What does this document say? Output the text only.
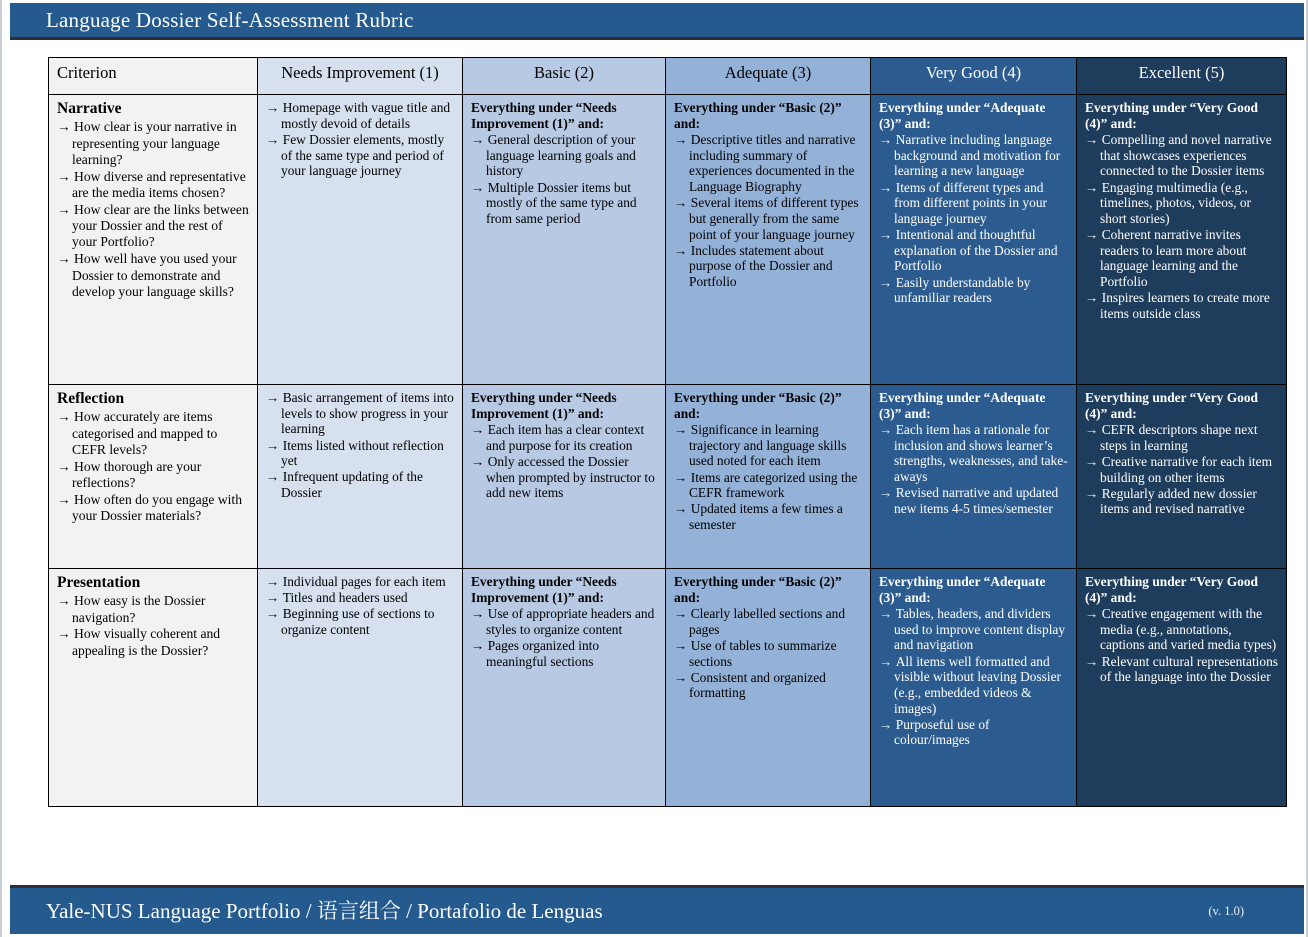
Language Dossier Self-Assessment Rubric
Criterion	Needs Improvement (1)	Basic (2)	Adequate (3)	Very Good (4)	Excellent (5)

Narrative
→ How clear is your narrative in representing your language learning?
→ How diverse and representative are the media items chosen?
→ How clear are the links between your Dossier and the rest of your Portfolio?
→ How well have you used your Dossier to demonstrate and develop your language skills?

→ Homepage with vague title and mostly devoid of details
→ Few Dossier elements, mostly of the same type and period of your language journey

Everything under “Needs Improvement (1)” and:
→ General description of your language learning goals and history
→ Multiple Dossier items but mostly of the same type and from same period

Everything under “Basic (2)” and:
→ Descriptive titles and narrative including summary of experiences documented in the Language Biography
→ Several items of different types but generally from the same point of your language journey
→ Includes statement about purpose of the Dossier and Portfolio

Everything under “Adequate (3)” and:
→ Narrative including language background and motivation for learning a new language
→ Items of different types and from different points in your language journey
→ Intentional and thoughtful explanation of the Dossier and Portfolio
→ Easily understandable by unfamiliar readers

Everything under “Very Good (4)” and:
→ Compelling and novel narrative that showcases experiences connected to the Dossier items
→ Engaging multimedia (e.g., timelines, photos, videos, or short stories)
→ Coherent narrative invites readers to learn more about language learning and the Portfolio
→ Inspires learners to create more items outside class

Reflection
→ How accurately are items categorised and mapped to CEFR levels?
→ How thorough are your reflections?
→ How often do you engage with your Dossier materials?

→ Basic arrangement of items into levels to show progress in your learning
→ Items listed without reflection yet
→ Infrequent updating of the Dossier

Everything under “Needs Improvement (1)” and:
→ Each item has a clear context and purpose for its creation
→ Only accessed the Dossier when prompted by instructor to add new items

Everything under “Basic (2)” and:
→ Significance in learning trajectory and language skills used noted for each item
→ Items are categorized using the CEFR framework
→ Updated items a few times a semester

Everything under “Adequate (3)” and:
→ Each item has a rationale for inclusion and shows learner’s strengths, weaknesses, and take-aways
→ Revised narrative and updated new items 4-5 times/semester

Everything under “Very Good (4)” and:
→ CEFR descriptors shape next steps in learning
→ Creative narrative for each item building on other items
→ Regularly added new dossier items and revised narrative

Presentation
→ How easy is the Dossier navigation?
→ How visually coherent and appealing is the Dossier?

→ Individual pages for each item
→ Titles and headers used
→ Beginning use of sections to organize content

Everything under “Needs Improvement (1)” and:
→ Use of appropriate headers and styles to organize content
→ Pages organized into meaningful sections

Everything under “Basic (2)” and:
→ Clearly labelled sections and pages
→ Use of tables to summarize sections
→ Consistent and organized formatting

Everything under “Adequate (3)” and:
→ Tables, headers, and dividers used to improve content display and navigation
→ All items well formatted and visible without leaving Dossier (e.g., embedded videos & images)
→ Purposeful use of colour/images

Everything under “Very Good (4)” and:
→ Creative engagement with the media (e.g., annotations, captions and varied media types)
→ Relevant cultural representations of the language into the Dossier
Yale-NUS Language Portfolio / 语言组合 / Portafolio de Lenguas	(v. 1.0)
